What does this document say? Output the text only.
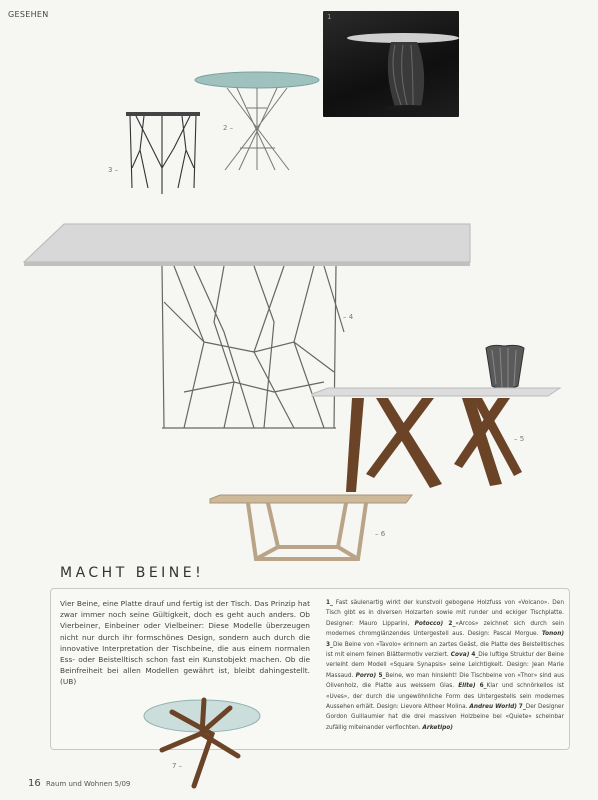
GESEHEN	1
2 –
3 –
– 4
– 5
– 6
MACHT BEINE!
Vier Beine, eine Platte drauf und fertig ist der Tisch. Das Prinzip hat zwar immer noch seine Gültigkeit, doch es geht auch anders. Ob Vierbeiner, Einbeiner oder Vielbeiner: Diese Modelle überzeugen nicht nur durch ihr formschönes Design, sondern auch durch die innovative Interpretation der Tischbeine, die aus einem normalen Ess- oder Beistelltisch schon fast ein Kunstobjekt machen. Ob die Beinfreiheit bei allen Modellen gewährt ist, bleibt dahingestellt. (UB)
1_ Fast säulenartig wirkt der kunstvoll gebogene Holzfuss von «Volcano». Den Tisch gibt es in diversen Holzarten sowie mit runder und eckiger Tischplatte. Designer: Mauro Lipparini, Potocco) 2_«Arcos» zeichnet sich durch sein modernes chromglänzendes Untergestell aus. Design: Pascal Morgue. Tonon) 3_Die Beine von «Tavolo» erinnern an zartes Geäst, die Platte des Beistelltisches ist mit einem feinen Blättermotiv verziert. Cova) 4_Die luftige Struktur der Beine verleiht dem Modell «Square Synapsis» seine Leichtigkeit. Design: Jean Marie Massaud. Porro) 5_Beine, wo man hinsieht! Die Tischbeine von «Thor» sind aus Olivenholz, die Platte aus weissem Glas. Elite) 6_Klar und schnörkellos ist «Uves», der durch die ungewöhnliche Form des Untergestells sein modernes Aussehen erhält. Design: Lievore Altheer Molina. Andreu World) 7_Der Designer Gordon Guillaumier hat die drei massiven Holzbeine bei «Quiete» scheinbar zufällig miteinander verflochten. Arketipo)
7 –
16 Raum und Wohnen 5/09
